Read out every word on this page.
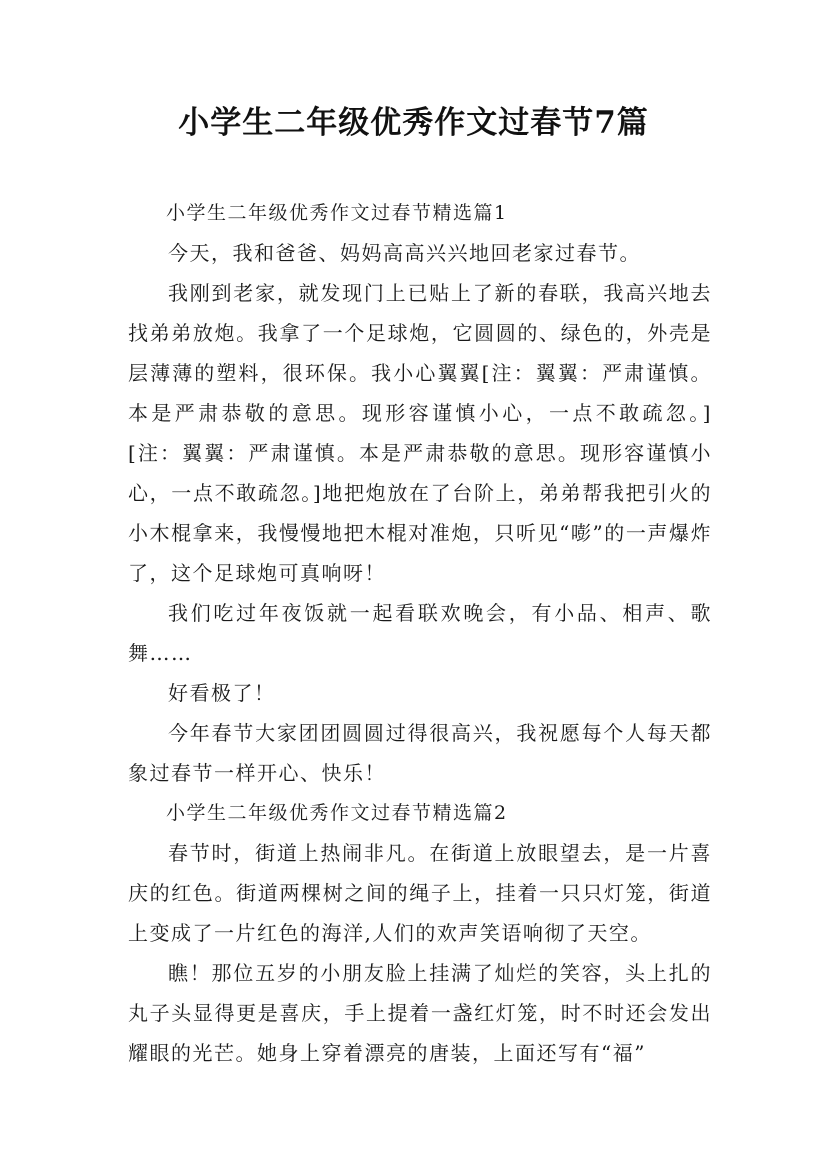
小学生二年级优秀作文过春节7篇

小学生二年级优秀作文过春节精选篇1

今天，我和爸爸、妈妈高高兴兴地回老家过春节。

我刚到老家，就发现门上已贴上了新的春联，我高兴地去找弟弟放炮。我拿了一个足球炮，它圆圆的、绿色的，外壳是层薄薄的塑料，很环保。我小心翼翼[注：翼翼：严肃谨慎。本是严肃恭敬的意思。现形容谨慎小心，一点不敢疏忽。][注：翼翼：严肃谨慎。本是严肃恭敬的意思。现形容谨慎小心，一点不敢疏忽。]地把炮放在了台阶上，弟弟帮我把引火的小木棍拿来，我慢慢地把木棍对准炮，只听见“嘭”的一声爆炸了，这个足球炮可真响呀！

我们吃过年夜饭就一起看联欢晚会，有小品、相声、歌舞……

好看极了！

今年春节大家团团圆圆过得很高兴，我祝愿每个人每天都象过春节一样开心、快乐！

小学生二年级优秀作文过春节精选篇2

春节时，街道上热闹非凡。在街道上放眼望去，是一片喜庆的红色。街道两棵树之间的绳子上，挂着一只只灯笼，街道上变成了一片红色的海洋,人们的欢声笑语响彻了天空。

瞧！那位五岁的小朋友脸上挂满了灿烂的笑容，头上扎的丸子头显得更是喜庆，手上提着一盏红灯笼，时不时还会发出耀眼的光芒。她身上穿着漂亮的唐装，上面还写有“福”
